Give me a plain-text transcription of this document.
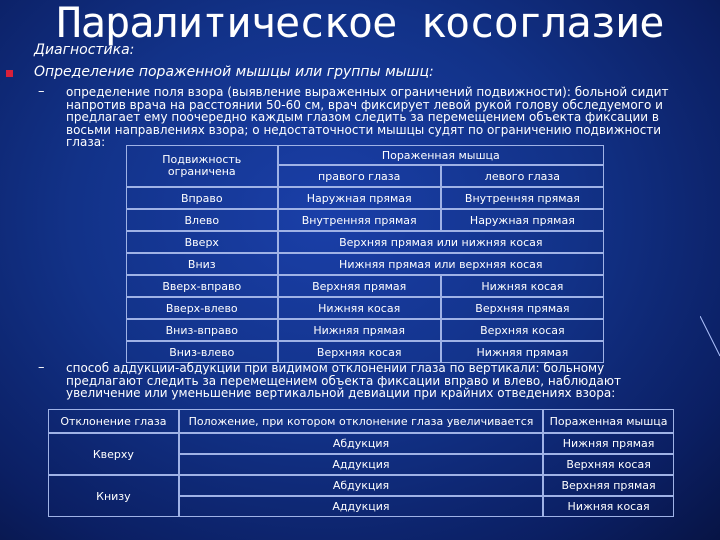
Паралитическое косоглазие
Диагностика:
Определение пораженной мышцы или группы мышц:
– определение поля взора (выявление выраженных ограничений подвижности): больной сидит
напротив врача на расстоянии 50-60 см, врач фиксирует левой рукой голову обследуемого и
предлагает ему поочередно каждым глазом следить за перемещением объекта фиксации в
восьми направлениях взора; о недостаточности мышцы судят по ограничению подвижности
глаза:
Подвижность ограничена	Пораженная мышца	
	правого глаза	левого глаза
Вправо	Наружная прямая	Внутренняя прямая
Влево	Внутренняя прямая	Наружная прямая
Вверх	Верхняя прямая или нижняя косая	
Вниз	Нижняя прямая или верхняя косая	
Вверх-вправо	Верхняя прямая	Нижняя косая
Вверх-влево	Нижняя косая	Верхняя прямая
Вниз-вправо	Нижняя прямая	Верхняя косая
Вниз-влево	Верхняя косая	Нижняя прямая
– способ аддукции-абдукции при видимом отклонении глаза по вертикали: больному
предлагают следить за перемещением объекта фиксации вправо и влево, наблюдают
увеличение или уменьшение вертикальной девиации при крайних отведениях взора:
Отклонение глаза	Положение, при котором отклонение глаза увеличивается	Пораженная мышца
Кверху	Абдукция	Нижняя прямая
	Аддукция	Верхняя косая
Книзу	Абдукция	Верхняя прямая
	Аддукция	Нижняя косая
